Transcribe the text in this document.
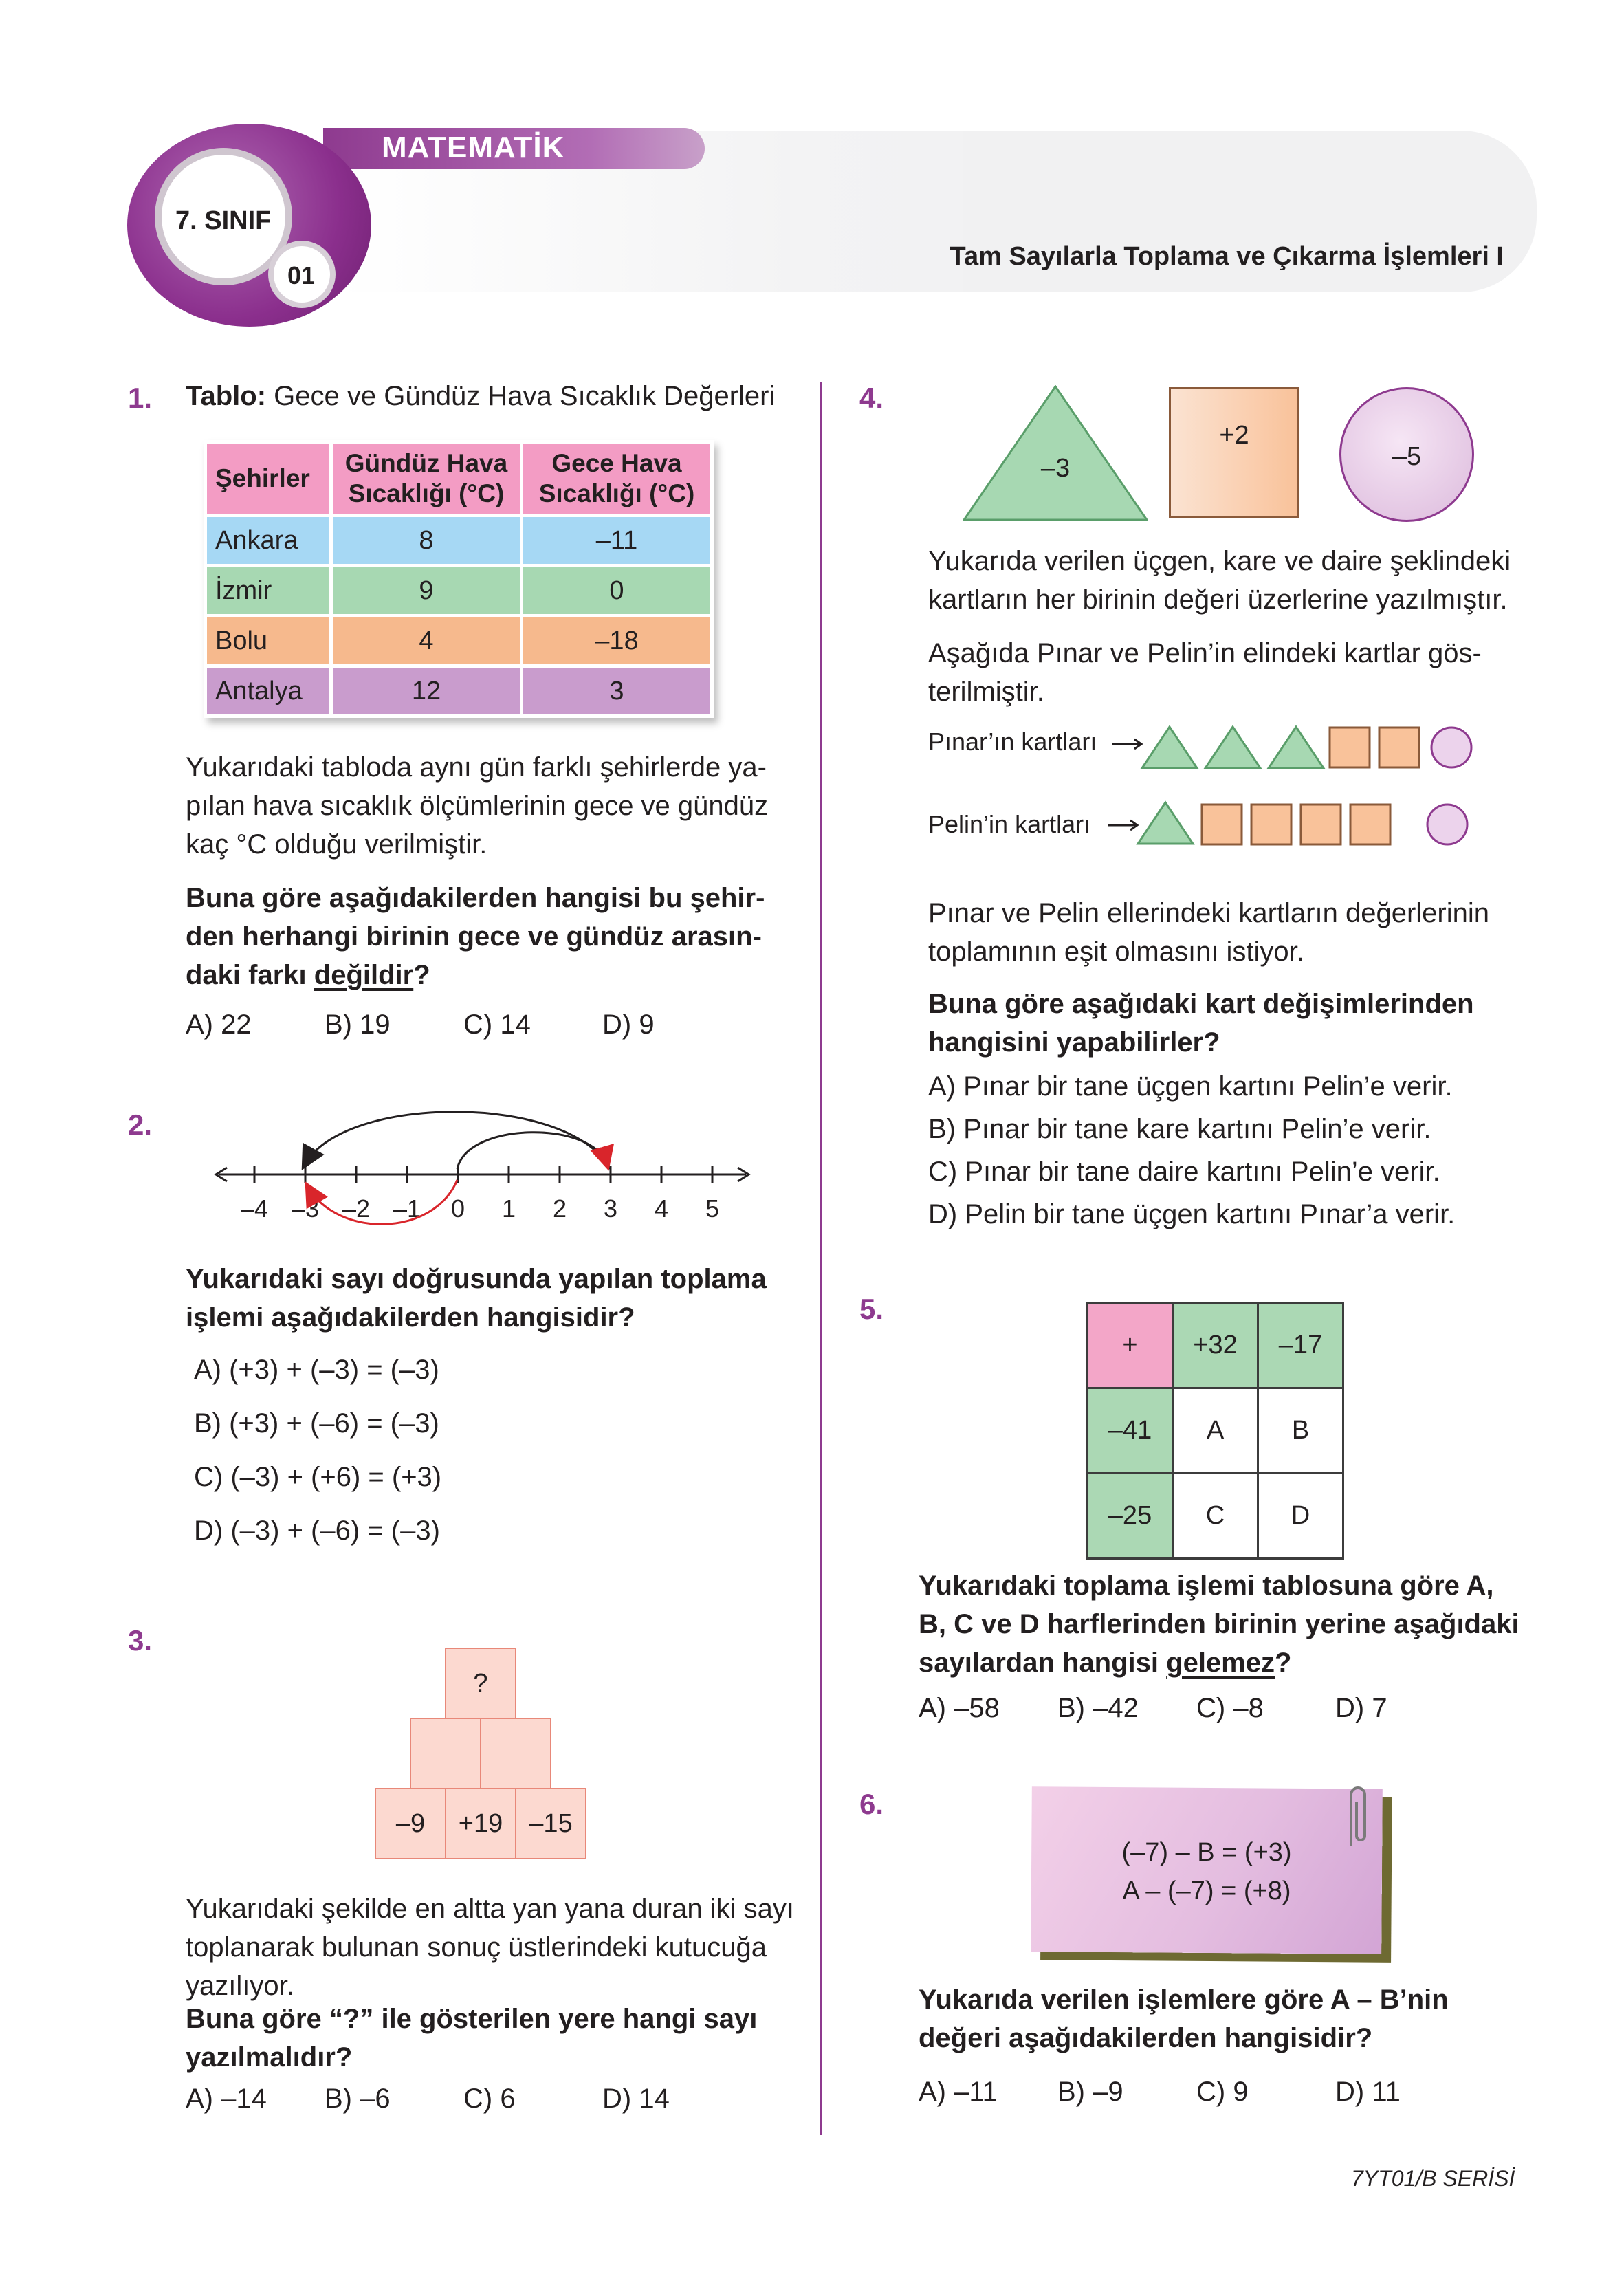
MATEMATİK
7. SINIF
01
Tam Sayılarla Toplama ve Çıkarma İşlemleri I
1. Tablo: Gece ve Gündüz Hava Sıcaklık Değerleri
Şehirler	Gündüz Hava Sıcaklığı (°C)	Gece Hava Sıcaklığı (°C)
Ankara	8	–11
İzmir	9	0
Bolu	4	–18
Antalya	12	3
Yukarıdaki tabloda aynı gün farklı şehirlerde ya-
pılan hava sıcaklık ölçümlerinin gece ve gündüz
kaç °C olduğu verilmiştir.
Buna göre aşağıdakilerden hangisi bu şehir-
den herhangi birinin gece ve gündüz arasın-
daki farkı değildir?
A) 22	B) 19	C) 14	D) 9
2.
–4 –3 –2 –1 0 1 2 3 4 5
Yukarıdaki sayı doğrusunda yapılan toplama
işlemi aşağıdakilerden hangisidir?
A) (+3) + (–3) = (–3)
B) (+3) + (–6) = (–3)
C) (–3) + (+6) = (+3)
D) (–3) + (–6) = (–3)
3.
?
–9	+19	–15
Yukarıdaki şekilde en altta yan yana duran iki sayı
toplanarak bulunan sonuç üstlerindeki kutucuğa
yazılıyor.
Buna göre “?” ile gösterilen yere hangi sayı
yazılmalıdır?
A) –14 B) –6	C) 6	D) 14
4.
–3
+2
–5
Yukarıda verilen üçgen, kare ve daire şeklindeki
kartların her birinin değeri üzerlerine yazılmıştır.
Aşağıda Pınar ve Pelin’in elindeki kartlar gös-
terilmiştir.
Pınar’ın kartları
Pelin’in kartları
Pınar ve Pelin ellerindeki kartların değerlerinin
toplamının eşit olmasını istiyor.
Buna göre aşağıdaki kart değişimlerinden
hangisini yapabilirler?
A) Pınar bir tane üçgen kartını Pelin’e verir.
B) Pınar bir tane kare kartını Pelin’e verir.
C) Pınar bir tane daire kartını Pelin’e verir.
D) Pelin bir tane üçgen kartını Pınar’a verir.
5.
+	+32	–17
–41	A	B
–25	C	D
Yukarıdaki toplama işlemi tablosuna göre A,
B, C ve D harflerinden birinin yerine aşağıdaki
sayılardan hangisi gelemez?
A) –58 B) –42 C) –8	D) 7
6.
(–7) – B = (+3)
A – (–7) = (+8)
Yukarıda verilen işlemlere göre A – B’nin
değeri aşağıdakilerden hangisidir?
A) –11 B) –9	C) 9	D) 11
7YT01/B SERİSİ
